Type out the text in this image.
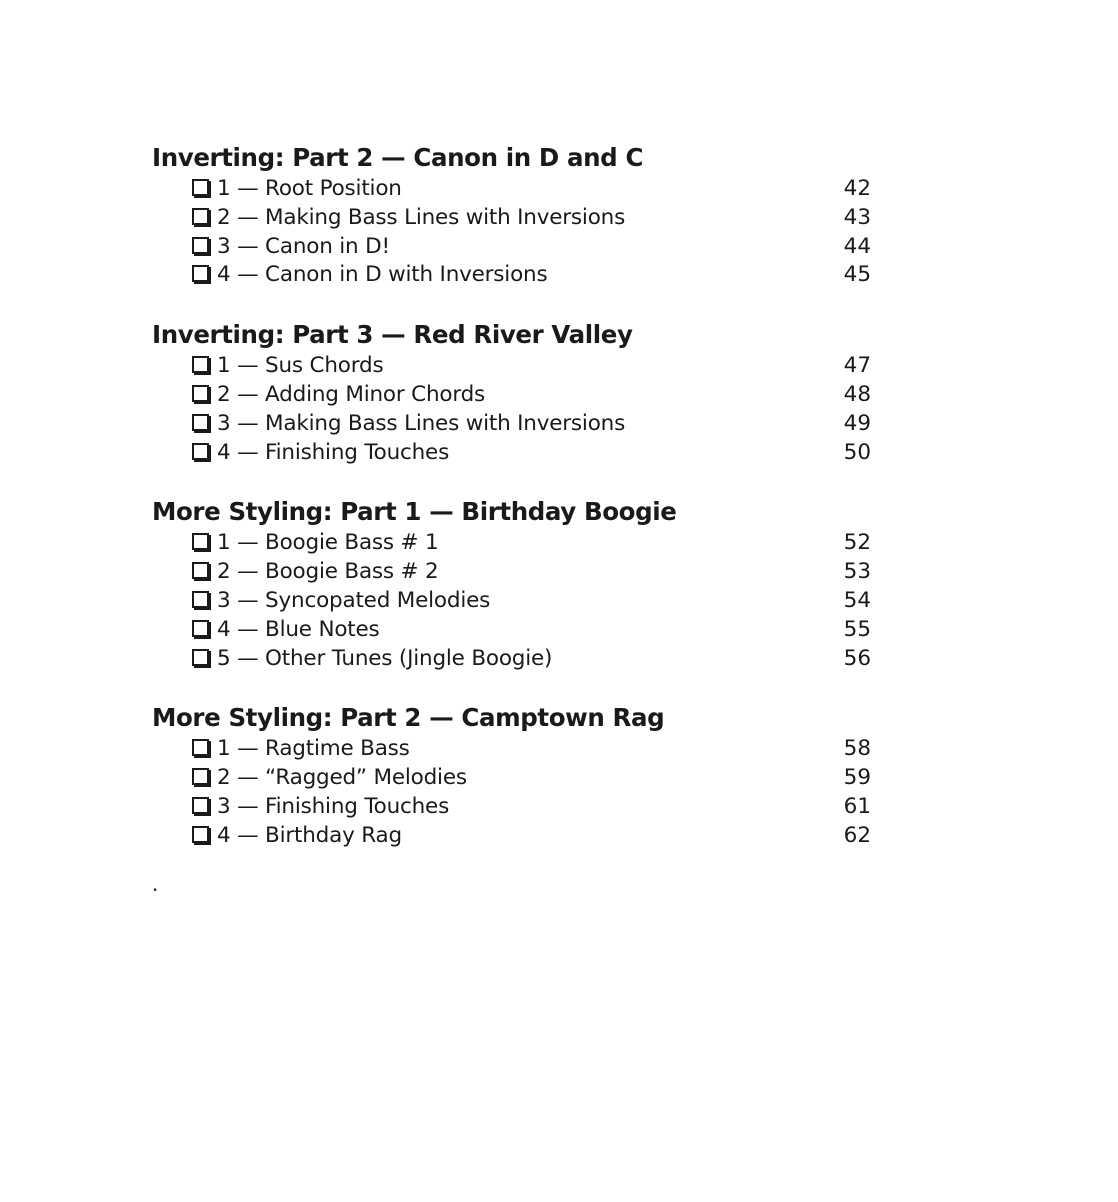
Inverting: Part 2 — Canon in D and C
1 — Root Position	42
2 — Making Bass Lines with Inversions	43
3 — Canon in D!	44
4 — Canon in D with Inversions	45
Inverting: Part 3 — Red River Valley
1 — Sus Chords	47
2 — Adding Minor Chords	48
3 — Making Bass Lines with Inversions	49
4 — Finishing Touches	50
More Styling: Part 1 — Birthday Boogie
1 — Boogie Bass # 1	52
2 — Boogie Bass # 2	53
3 — Syncopated Melodies	54
4 — Blue Notes	55
5 — Other Tunes (Jingle Boogie)	56
More Styling: Part 2 — Camptown Rag
1 — Ragtime Bass	58
2 — “Ragged” Melodies	59
3 — Finishing Touches	61
4 — Birthday Rag	62
.
